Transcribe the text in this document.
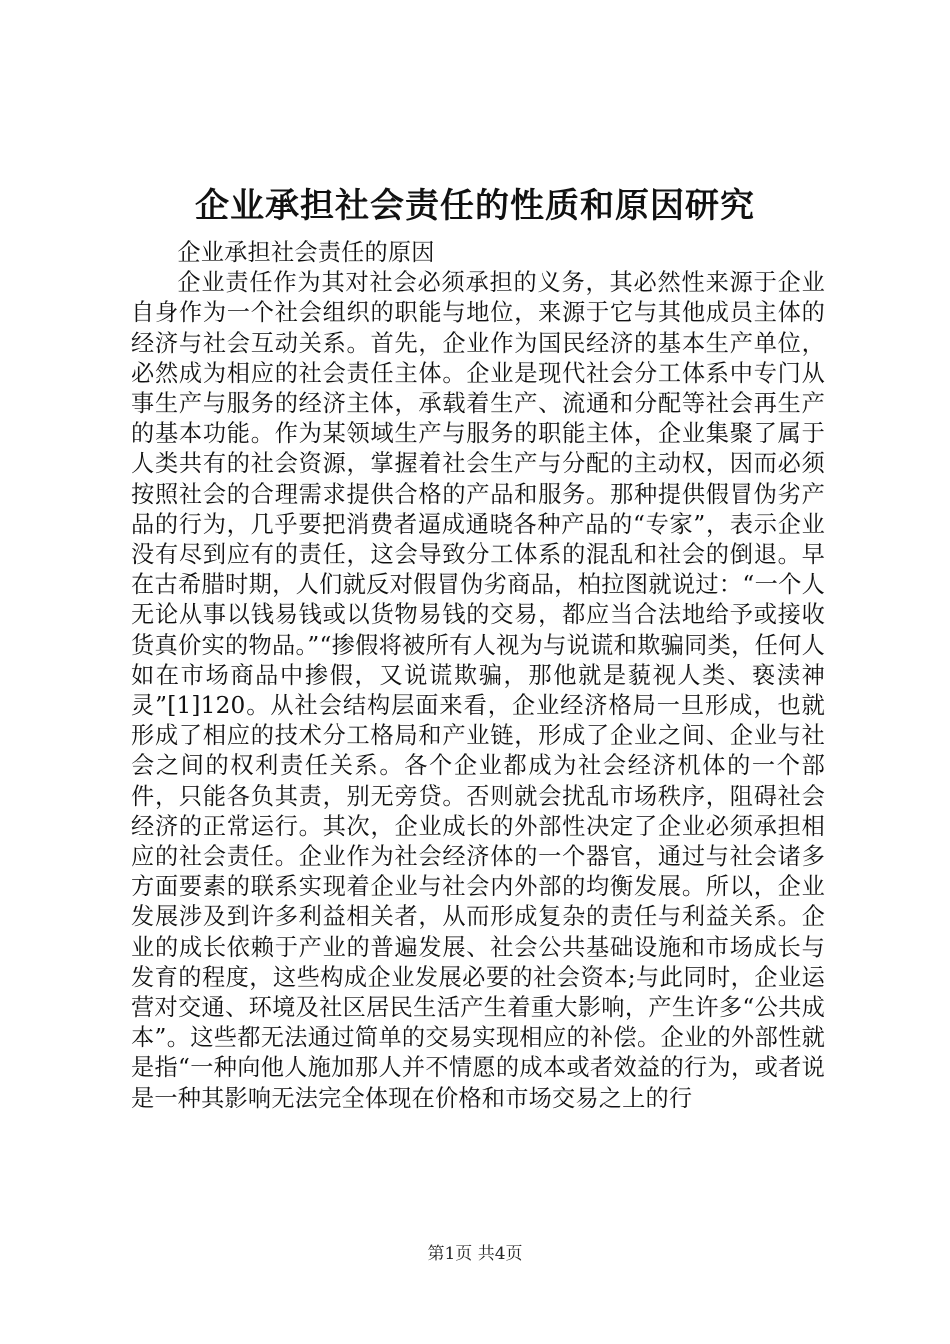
企业承担社会责任的性质和原因研究

企业承担社会责任的原因

企业责任作为其对社会必须承担的义务，其必然性来源于企业自身作为一个社会组织的职能与地位，来源于它与其他成员主体的经济与社会互动关系。首先，企业作为国民经济的基本生产单位，必然成为相应的社会责任主体。企业是现代社会分工体系中专门从事生产与服务的经济主体，承载着生产、流通和分配等社会再生产的基本功能。作为某领域生产与服务的职能主体，企业集聚了属于人类共有的社会资源，掌握着社会生产与分配的主动权，因而必须按照社会的合理需求提供合格的产品和服务。那种提供假冒伪劣产品的行为，几乎要把消费者逼成通晓各种产品的“专家”，表示企业没有尽到应有的责任，这会导致分工体系的混乱和社会的倒退。早在古希腊时期，人们就反对假冒伪劣商品，柏拉图就说过：“一个人无论从事以钱易钱或以货物易钱的交易，都应当合法地给予或接收货真价实的物品。”“掺假将被所有人视为与说谎和欺骗同类，任何人如在市场商品中掺假，又说谎欺骗，那他就是藐视人类、亵渎神灵”[1]120。从社会结构层面来看，企业经济格局一旦形成，也就形成了相应的技术分工格局和产业链，形成了企业之间、企业与社会之间的权利责任关系。各个企业都成为社会经济机体的一个部件，只能各负其责，别无旁贷。否则就会扰乱市场秩序，阻碍社会经济的正常运行。其次，企业成长的外部性决定了企业必须承担相应的社会责任。企业作为社会经济体的一个器官，通过与社会诸多方面要素的联系实现着企业与社会内外部的均衡发展。所以，企业发展涉及到许多利益相关者，从而形成复杂的责任与利益关系。企业的成长依赖于产业的普遍发展、社会公共基础设施和市场成长与发育的程度，这些构成企业发展必要的社会资本;与此同时，企业运营对交通、环境及社区居民生活产生着重大影响，产生许多“公共成本”。这些都无法通过简单的交易实现相应的补偿。企业的外部性就是指“一种向他人施加那人并不情愿的成本或者效益的行为，或者说是一种其影响无法完全体现在价格和市场交易之上的行

第1页 共4页
